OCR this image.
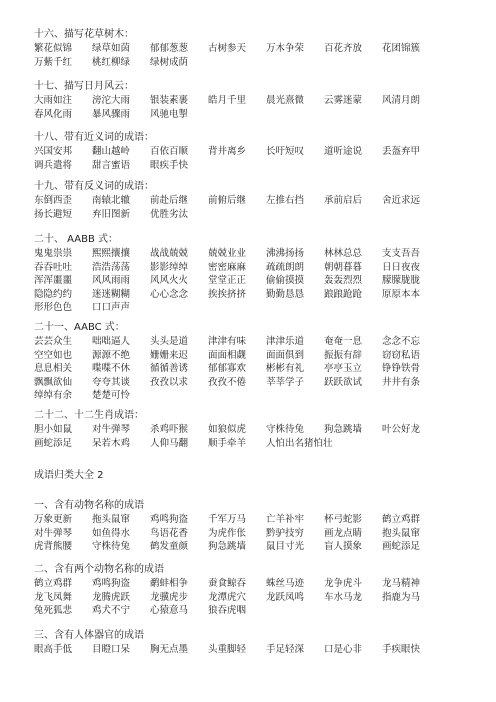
十六、描写花草树木：
繁花似锦	绿草如茵	郁郁葱葱	古树参天	万木争荣	百花齐放	花团锦簇
万紫千红	桃红柳绿	绿树成荫
十七、描写日月风云：
大雨如注	滂沱大雨	银装素裹	皓月千里	晨光熹微	云雾迷蒙	风清月朗
春风化雨	暴风骤雨	风驰电掣
十八、带有近义词的成语：
兴国安邦	翻山越岭	百依百顺	背井离乡	长吁短叹	道听途说	丢盔弃甲
调兵遣将	甜言蜜语	眼疾手快
十九、带有反义词的成语：
东倒西歪	南辕北辙	前赴后继	前俯后继	左推右挡	承前启后	舍近求远
扬长避短	弃旧图新	优胜劣汰
二十、 AABB 式：
鬼鬼祟祟	熙熙攘攘	战战兢兢	兢兢业业	沸沸扬扬	林林总总	支支吾吾
吞吞吐吐	浩浩荡荡	影影绰绰	密密麻麻	疏疏朗朗	朝朝暮暮	日日夜夜
浑浑噩噩	风风雨雨	风风火火	堂堂正正	偷偷摸摸	轰轰烈烈	朦朦胧胧
隐隐约约	迷迷糊糊	心心念念	挨挨挤挤	勤勤恳恳	踉踉跄跄	原原本本
形形色色	口口声声
二十一、AABC 式：
芸芸众生	咄咄逼人	头头是道	津津有味	津津乐道	奄奄一息	念念不忘
空空如也	源源不绝	姗姗来迟	面面相觑	面面俱到	振振有辞	窃窃私语
息息相关	喋喋不休	循循善诱	郁郁寡欢	彬彬有礼	亭亭玉立	铮铮铁骨
飘飘欲仙	夸夸其谈	孜孜以求	孜孜不倦	莘莘学子	跃跃欲试	井井有条
绰绰有余	楚楚可怜
二十二、十二生肖成语：
胆小如鼠	对牛弹琴	杀鸡吓猴	如狼似虎	守株待兔	狗急跳墙	叶公好龙
画蛇添足	呆若木鸡	人仰马翻	顺手牵羊	人怕出名猪怕壮
成语归类大全 2
一、含有动物名称的成语
万象更新	拖头鼠窜	鸡鸣狗盗	千军万马	亡羊补牢	杯弓蛇影	鹤立鸡群
对牛弹琴	如鱼得水	鸟语花香	为虎作伥	黔驴技穷	画龙点睛	抱头鼠窜
虎背熊腰	守株待兔	鹤发童颜	狗急跳墙	鼠目寸光	盲人摸象	画蛇添足
二、含有两个动物名称的成语
鹤立鸡群	鸡鸣狗盗	鹬蚌相争	蚕食鲸吞	蛛丝马迹	龙争虎斗	龙马精神
龙飞凤舞	龙腾虎跃	龙骥虎步	龙潭虎穴	龙跃凤鸣	车水马龙	指鹿为马
兔死狐悲	鸡犬不宁	心猿意马	狼吞虎咽
三、含有人体器官的成语
眼高手低	目瞪口呆	胸无点墨	头重脚轻	手足轻深	口是心非	手疾眼快
